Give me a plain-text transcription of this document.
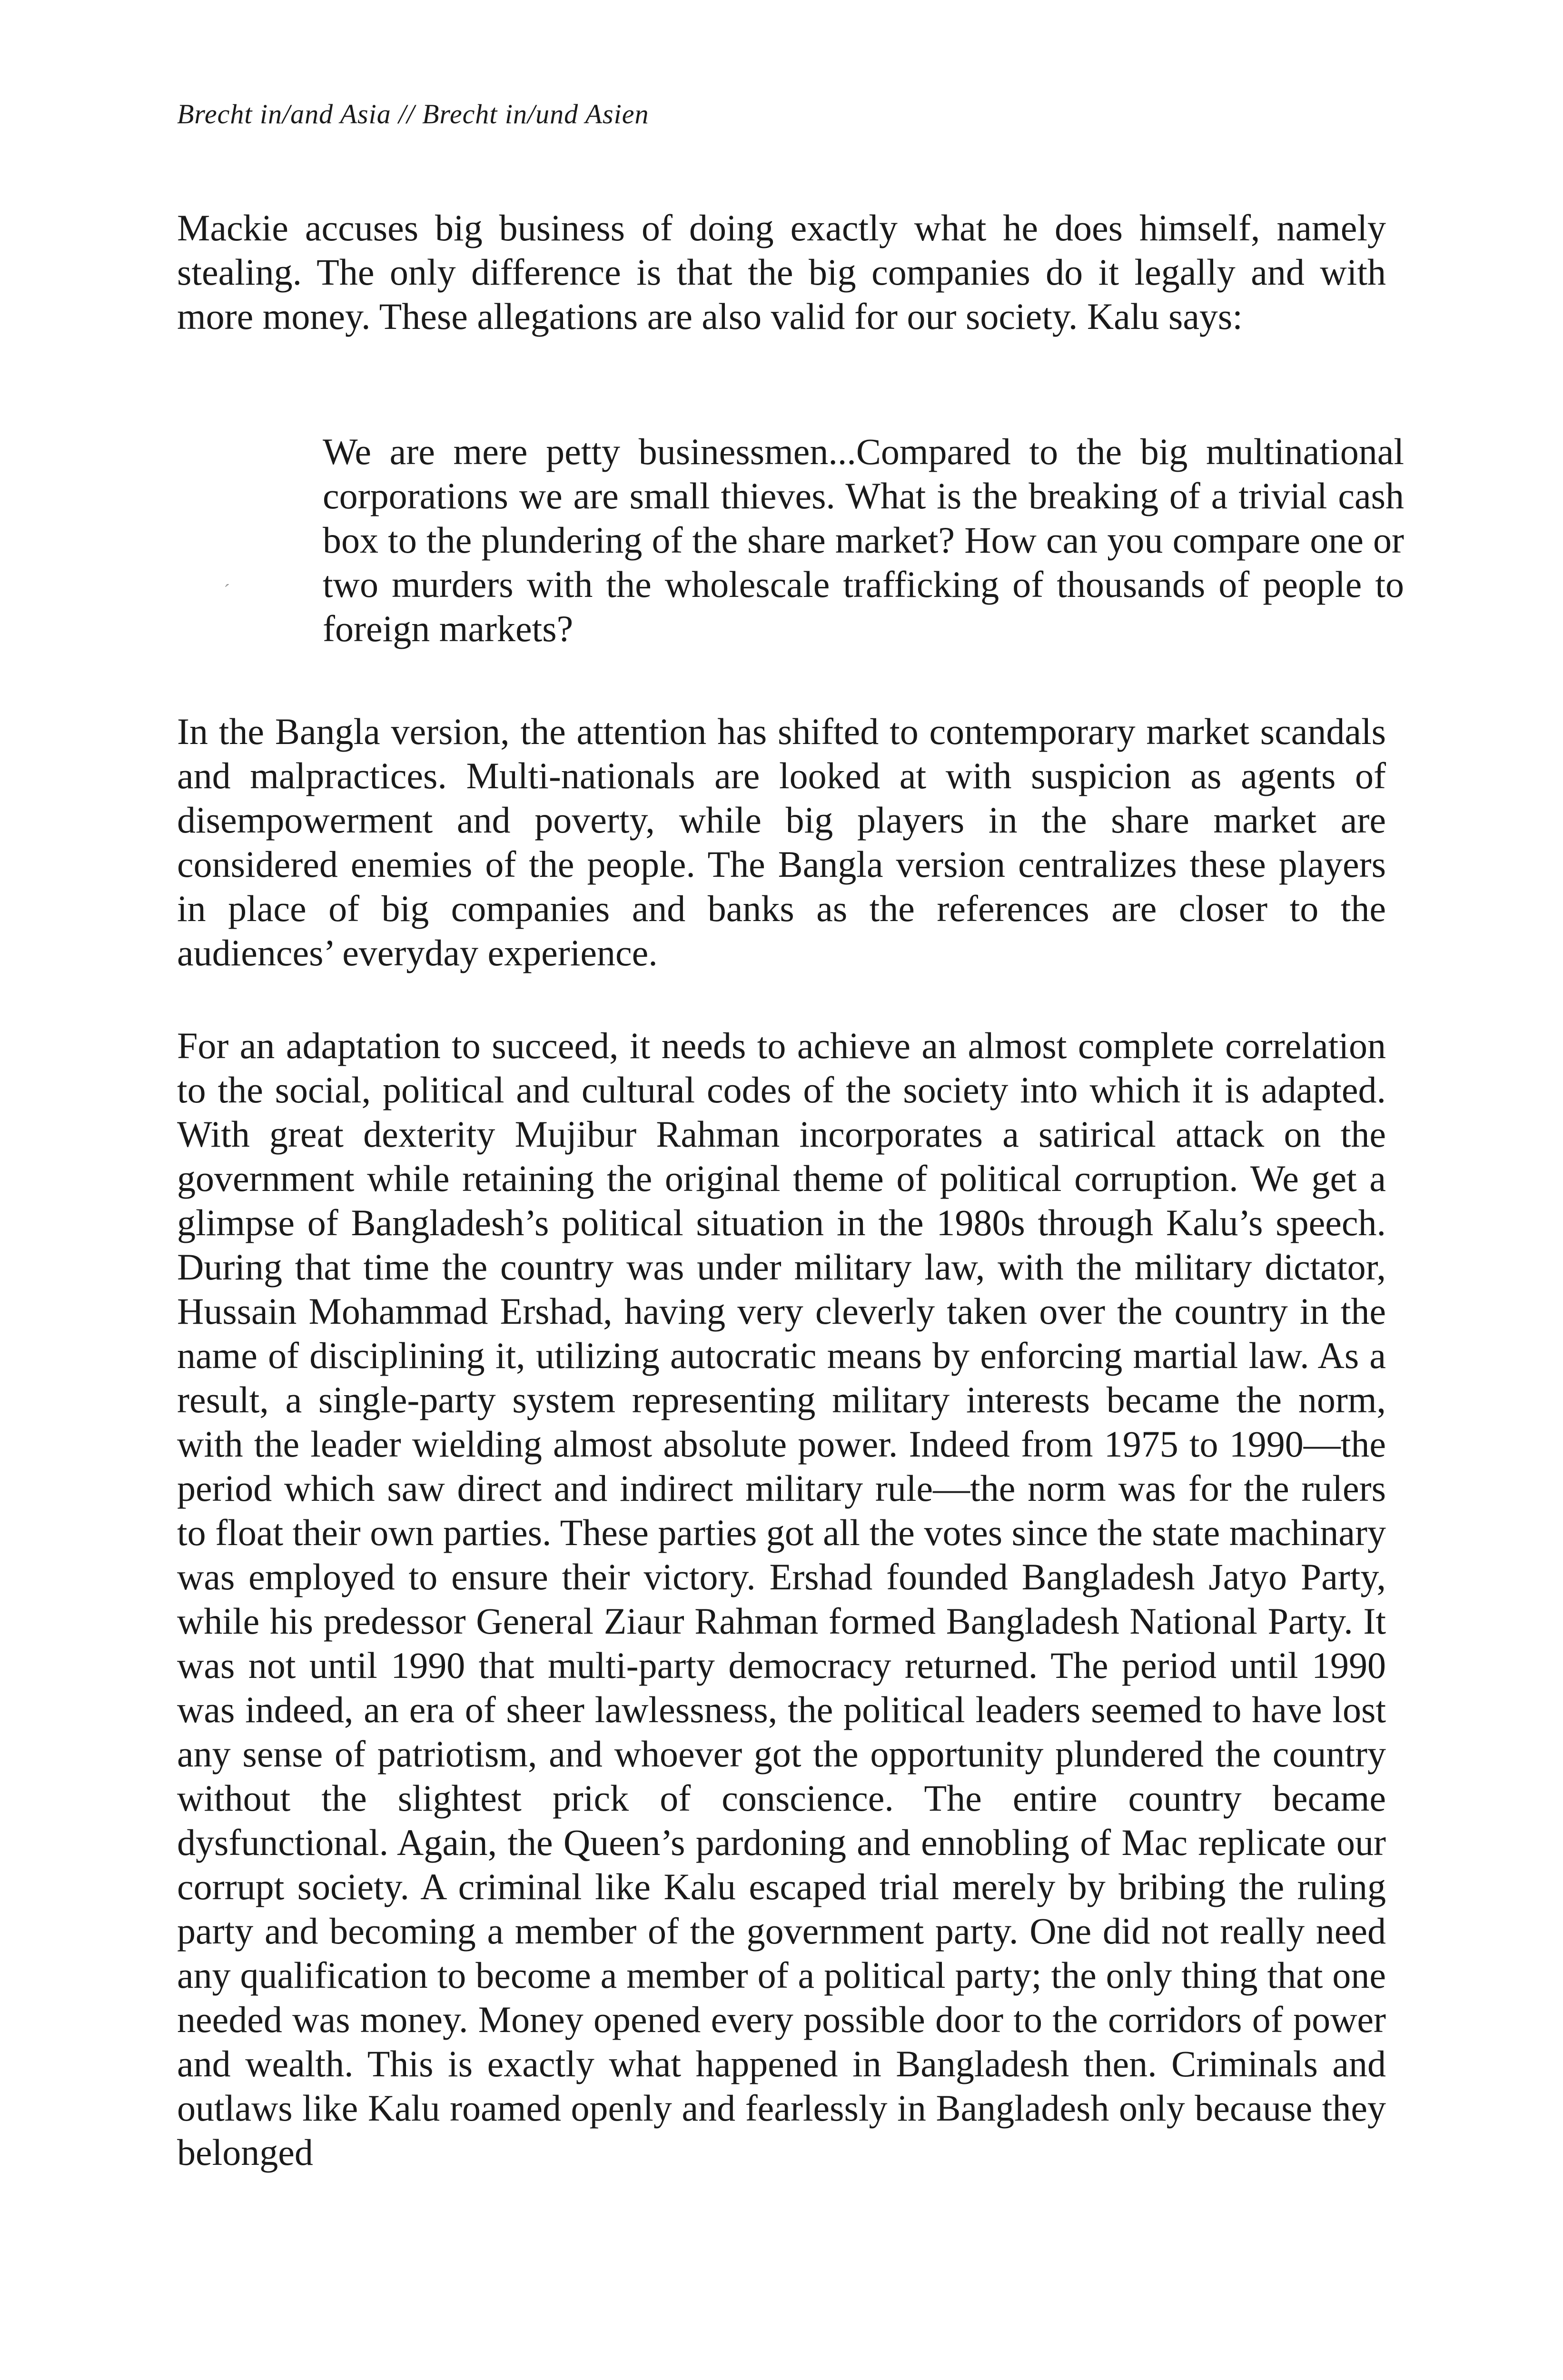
Brecht in/and Asia // Brecht in/und Asien

Mackie accuses big business of doing exactly what he does himself, namely stealing. The only difference is that the big companies do it legally and with more money. These allegations are also valid for our society. Kalu says:

ˊ

We are mere petty businessmen...Compared to the big multinational corporations we are small thieves. What is the breaking of a trivial cash box to the plundering of the share market? How can you compare one or two murders with the wholescale trafficking of thousands of people to foreign markets?

In the Bangla version, the attention has shifted to contemporary market scandals and malpractices. Multi-nationals are looked at with suspicion as agents of disempowerment and poverty, while big players in the share market are considered enemies of the people. The Bangla version centralizes these players in place of big companies and banks as the references are closer to the audiences’ everyday experience.

For an adaptation to succeed, it needs to achieve an almost complete correlation to the social, political and cultural codes of the society into which it is adapted. With great dexterity Mujibur Rahman incorporates a satirical attack on the government while retaining the original theme of political corruption. We get a glimpse of Bangladesh’s political situation in the 1980s through Kalu’s speech. During that time the country was under military law, with the military dictator, Hussain Mohammad Ershad, having very cleverly taken over the country in the name of disciplining it, utilizing autocratic means by enforcing martial law. As a result, a single-party system representing military interests became the norm, with the leader wielding almost absolute power. Indeed from 1975 to 1990—the period which saw direct and indirect military rule—the norm was for the rulers to float their own parties. These parties got all the votes since the state machinary was employed to ensure their victory. Ershad founded Bangladesh Jatyo Party, while his predessor General Ziaur Rahman formed Bangladesh National Party. It was not until 1990 that multi-party democracy returned. The period until 1990 was indeed, an era of sheer lawlessness, the political leaders seemed to have lost any sense of patriotism, and whoever got the opportunity plundered the country without the slightest prick of conscience. The entire country became dysfunctional. Again, the Queen’s pardoning and ennobling of Mac replicate our corrupt society. A criminal like Kalu escaped trial merely by bribing the ruling party and becoming a member of the government party. One did not really need any qualification to become a member of a political party; the only thing that one needed was money. Money opened every possible door to the corridors of power and wealth. This is exactly what happened in Bangladesh then. Criminals and outlaws like Kalu roamed openly and fearlessly in Bangladesh only because they belonged
